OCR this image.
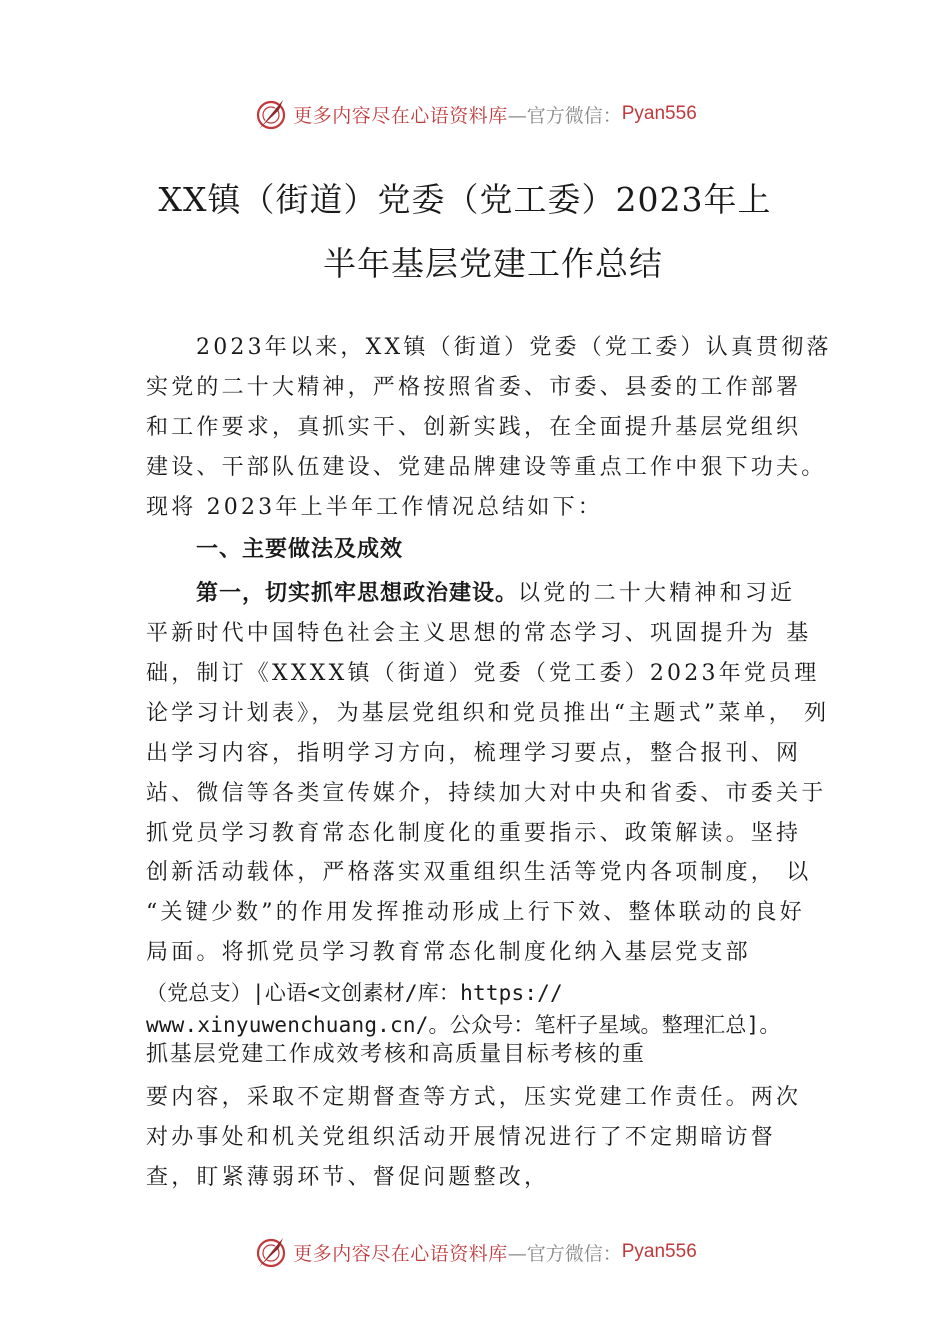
更多内容尽在心语资料库 —官方微信： Pyan556
XX镇（街道）党委（党工委）2023年上
半年基层党建工作总结
2023年以来，XX镇（街道）党委（党工委）认真贯彻落
实党的二十大精神，严格按照省委、市委、县委的工作部署
和工作要求，真抓实干、创新实践，在全面提升基层党组织
建设、干部队伍建设、党建品牌建设等重点工作中狠下功夫。
现将 2023年上半年工作情况总结如下：
一、主要做法及成效
第一，切实抓牢思想政治建设。以党的二十大精神和习近
平新时代中国特色社会主义思想的常态学习、巩固提升为 基
础，制订《XXXX镇（街道）党委（党工委）2023年党员理
论学习计划表》，为基层党组织和党员推出“主题式”菜单， 列
出学习内容，指明学习方向，梳理学习要点，整合报刊、网
站、微信等各类宣传媒介，持续加大对中央和省委、市委关于
抓党员学习教育常态化制度化的重要指示、政策解读。坚持
创新活动载体，严格落实双重组织生活等党内各项制度， 以
“关键少数”的作用发挥推动形成上行下效、整体联动的良好
局面。将抓党员学习教育常态化制度化纳入基层党支部
（党总支）|心语<文创素材/库：https://
www.xinyuwenchuang.cn/。公众号：笔杆子星域。整理汇总]。
抓基层党建工作成效考核和高质量目标考核的重
要内容，采取不定期督查等方式，压实党建工作责任。两次
对办事处和机关党组织活动开展情况进行了不定期暗访督
查，盯紧薄弱环节、督促问题整改，
更多内容尽在心语资料库 —官方微信： Pyan556
